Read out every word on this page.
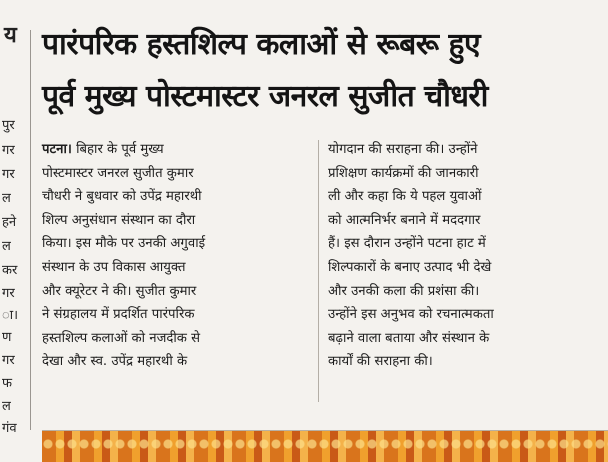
य
पुर
गर
गर
ल
हने
ल
कर
गर
ा।
ण
गर
फ
ल
गंव
पारंपरिक हस्तशिल्प कलाओं से रूबरू हुए
पूर्व मुख्य पोस्टमास्टर जनरल सुजीत चौधरी
पटना। बिहार के पूर्व मुख्य
पोस्टमास्टर जनरल सुजीत कुमार
चौधरी ने बुधवार को उपेंद्र महारथी
शिल्प अनुसंधान संस्थान का दौरा
किया। इस मौके पर उनकी अगुवाई
संस्थान के उप विकास आयुक्त
और क्यूरेटर ने की। सुजीत कुमार
ने संग्रहालय में प्रदर्शित पारंपरिक
हस्तशिल्प कलाओं को नजदीक से
देखा और स्व. उपेंद्र महारथी के
योगदान की सराहना की। उन्होंने
प्रशिक्षण कार्यक्रमों की जानकारी
ली और कहा कि ये पहल युवाओं
को आत्मनिर्भर बनाने में मददगार
हैं। इस दौरान उन्होंने पटना हाट में
शिल्पकारों के बनाए उत्पाद भी देखे
और उनकी कला की प्रशंसा की।
उन्होंने इस अनुभव को रचनात्मकता
बढ़ाने वाला बताया और संस्थान के
कार्यों की सराहना की।
